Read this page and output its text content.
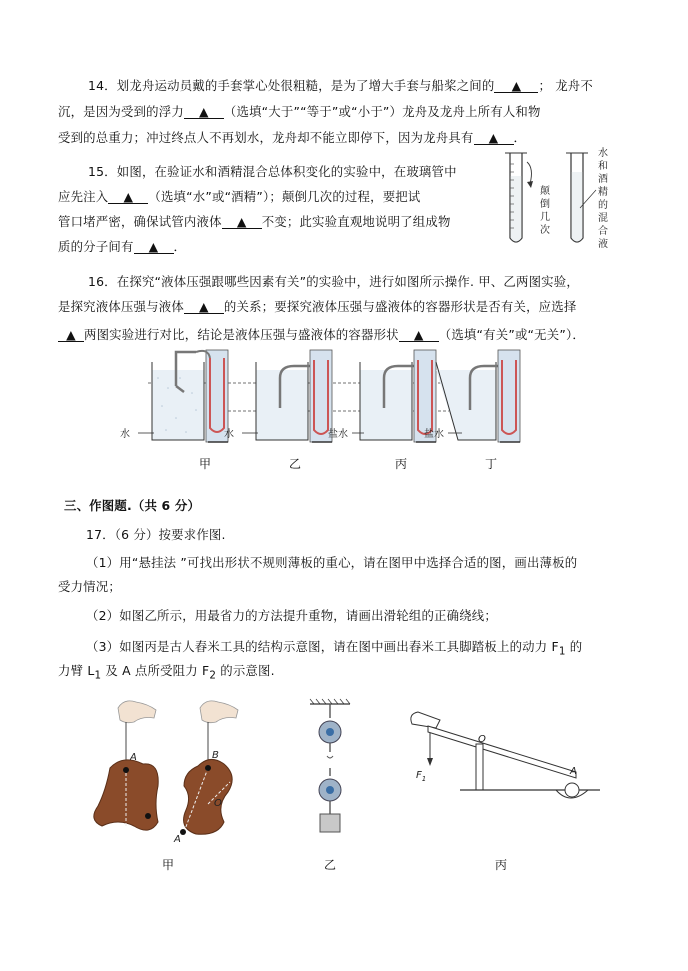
14．划龙舟运动员戴的手套掌心处很粗糙，是为了增大手套与船桨之间的 ▲ ； 龙舟不
沉，是因为受到的浮力 ▲ （选填“大于”“等于”或“小于”）龙舟及龙舟上所有人和物
受到的总重力；冲过终点人不再划水，龙舟却不能立即停下，因为龙舟具有 ▲ ．
15．如图，在验证水和酒精混合总体积变化的实验中，在玻璃管中
应先注入 ▲ （选填“水”或“酒精”）；颠倒几次的过程，要把试
管口堵严密，确保试管内液体 ▲ 不变；此实验直观地说明了组成物
质的分子间有 ▲ ．
颠
倒
几
次
水
和
酒
精
的
混
合
液
16．在探究“液体压强跟哪些因素有关”的实验中，进行如图所示操作. 甲、乙两图实验，
是探究液体压强与液体 ▲ 的关系；要探究液体压强与盛液体的容器形状是否有关，应选择
▲ 两图实验进行对比，结论是液体压强与盛液体的容器形状 ▲ （选填“有关”或“无关”）．
水	水	盐水	盐水
甲	乙	丙	丁
三、作图题.（共 6 分）
17．（6 分）按要求作图.
（1）用“悬挂法 ”可找出形状不规则薄板的重心，请在图甲中选择合适的图，画出薄板的
受力情况；
（2）如图乙所示，用最省力的方法提升重物，请画出滑轮组的正确绕线；
（3）如图丙是古人舂米工具的结构示意图，请在图中画出舂米工具脚踏板上的动力 $F_1$ 的
力臂 $L_1$ 及 A 点所受阻力 $F_2$ 的示意图.
A	B
O
A
O
A
$F_1$
甲	乙	丙
